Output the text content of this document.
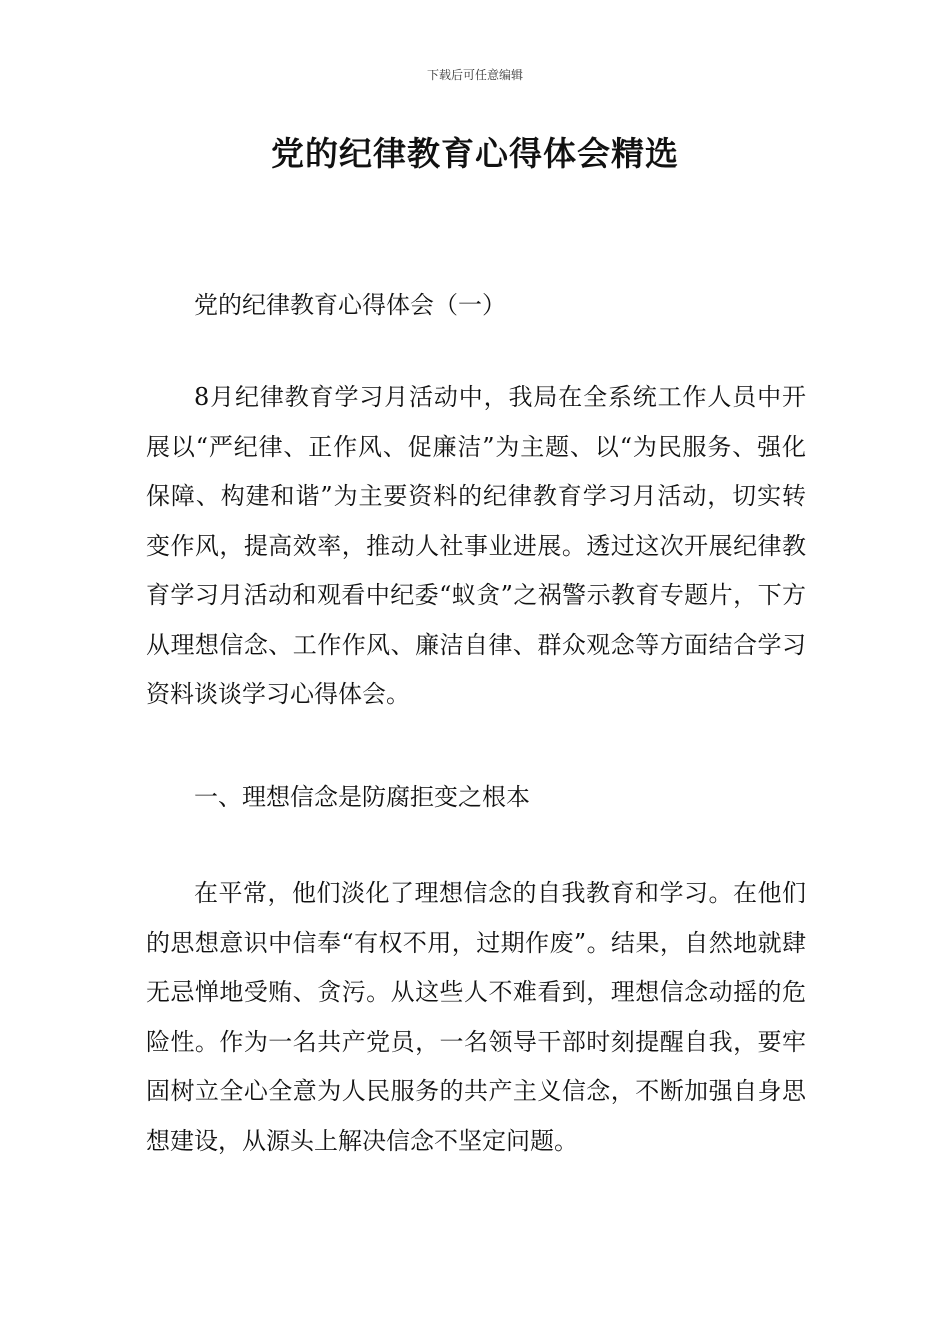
下载后可任意编辑
党的纪律教育心得体会精选

党的纪律教育心得体会（一）

8月纪律教育学习月活动中，我局在全系统工作人员中开展以“严纪律、正作风、促廉洁”为主题、以“为民服务、强化保障、构建和谐”为主要资料的纪律教育学习月活动，切实转变作风，提高效率，推动人社事业进展。透过这次开展纪律教育学习月活动和观看中纪委“蚁贪”之祸警示教育专题片，下方从理想信念、工作作风、廉洁自律、群众观念等方面结合学习资料谈谈学习心得体会。

一、理想信念是防腐拒变之根本

在平常，他们淡化了理想信念的自我教育和学习。在他们的思想意识中信奉“有权不用，过期作废”。结果，自然地就肆无忌惮地受贿、贪污。从这些人不难看到，理想信念动摇的危险性。作为一名共产党员，一名领导干部时刻提醒自我，要牢固树立全心全意为人民服务的共产主义信念，不断加强自身思想建设，从源头上解决信念不坚定问题。
